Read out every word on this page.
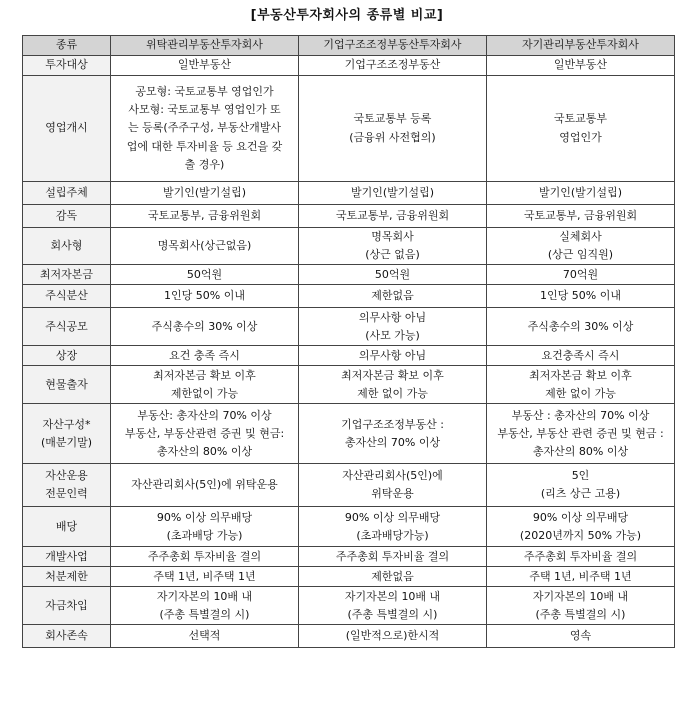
[부동산투자회사의 종류별 비교]
종류	위탁관리부동산투자회사	기업구조조정부동산투자회사	자기관리부동산투자회사

투자대상	일반부동산	기업구조조정부동산	일반부동산

영업개시	공모형: 국토교통부 영업인가
사모형: 국토교통부 영업인가 또
는 등록(주주구성, 부동산개발사
업에 대한 투자비율 등 요건을 갖
출 경우)	국토교통부 등록
(금융위 사전협의)	국토교통부
영업인가

설립주체	발기인(발기설립)	발기인(발기설립)	발기인(발기설립)

감독	국토교통부, 금융위원회	국토교통부, 금융위원회	국토교통부, 금융위원회

회사형	명목회사(상근없음)	명목회사
(상근 없음)	실체회사
(상근 임직원)

최저자본금	50억원	50억원	70억원

주식분산	1인당 50% 이내	제한없음	1인당 50% 이내

주식공모	주식총수의 30% 이상	의무사항 아님
(사모 가능)	주식총수의 30% 이상

상장	요건 충족 즉시	의무사항 아님	요건충족시 즉시

현물출자	최저자본금 확보 이후
제한없이 가능	최저자본금 확보 이후
제한 없이 가능	최저자본금 확보 이후
제한 없이 가능

자산구성*
(매분기말)	부동산: 총자산의 70% 이상
부동산, 부동산관련 증권 및 현금:
총자산의 80% 이상	기업구조조정부동산 :
총자산의 70% 이상	부동산 : 총자산의 70% 이상
부동산, 부동산 관련 증권 및 현금 :
총자산의 80% 이상

자산운용
전문인력	자산관리회사(5인)에 위탁운용	자산관리회사(5인)에
위탁운용	5인
(리츠 상근 고용)

배당	90% 이상 의무배당
(초과배당 가능)	90% 이상 의무배당
(초과배당가능)	90% 이상 의무배당
(2020년까지 50% 가능)

개발사업	주주총회 투자비율 결의	주주총회 투자비율 결의	주주총회 투자비율 결의

처분제한	주택 1년, 비주택 1년	제한없음	주택 1년, 비주택 1년

자금차입	자기자본의 10배 내
(주총 특별결의 시)	자기자본의 10배 내
(주총 특별결의 시)	자기자본의 10배 내
(주총 특별결의 시)

회사존속	선택적	(일반적으로)한시적	영속
